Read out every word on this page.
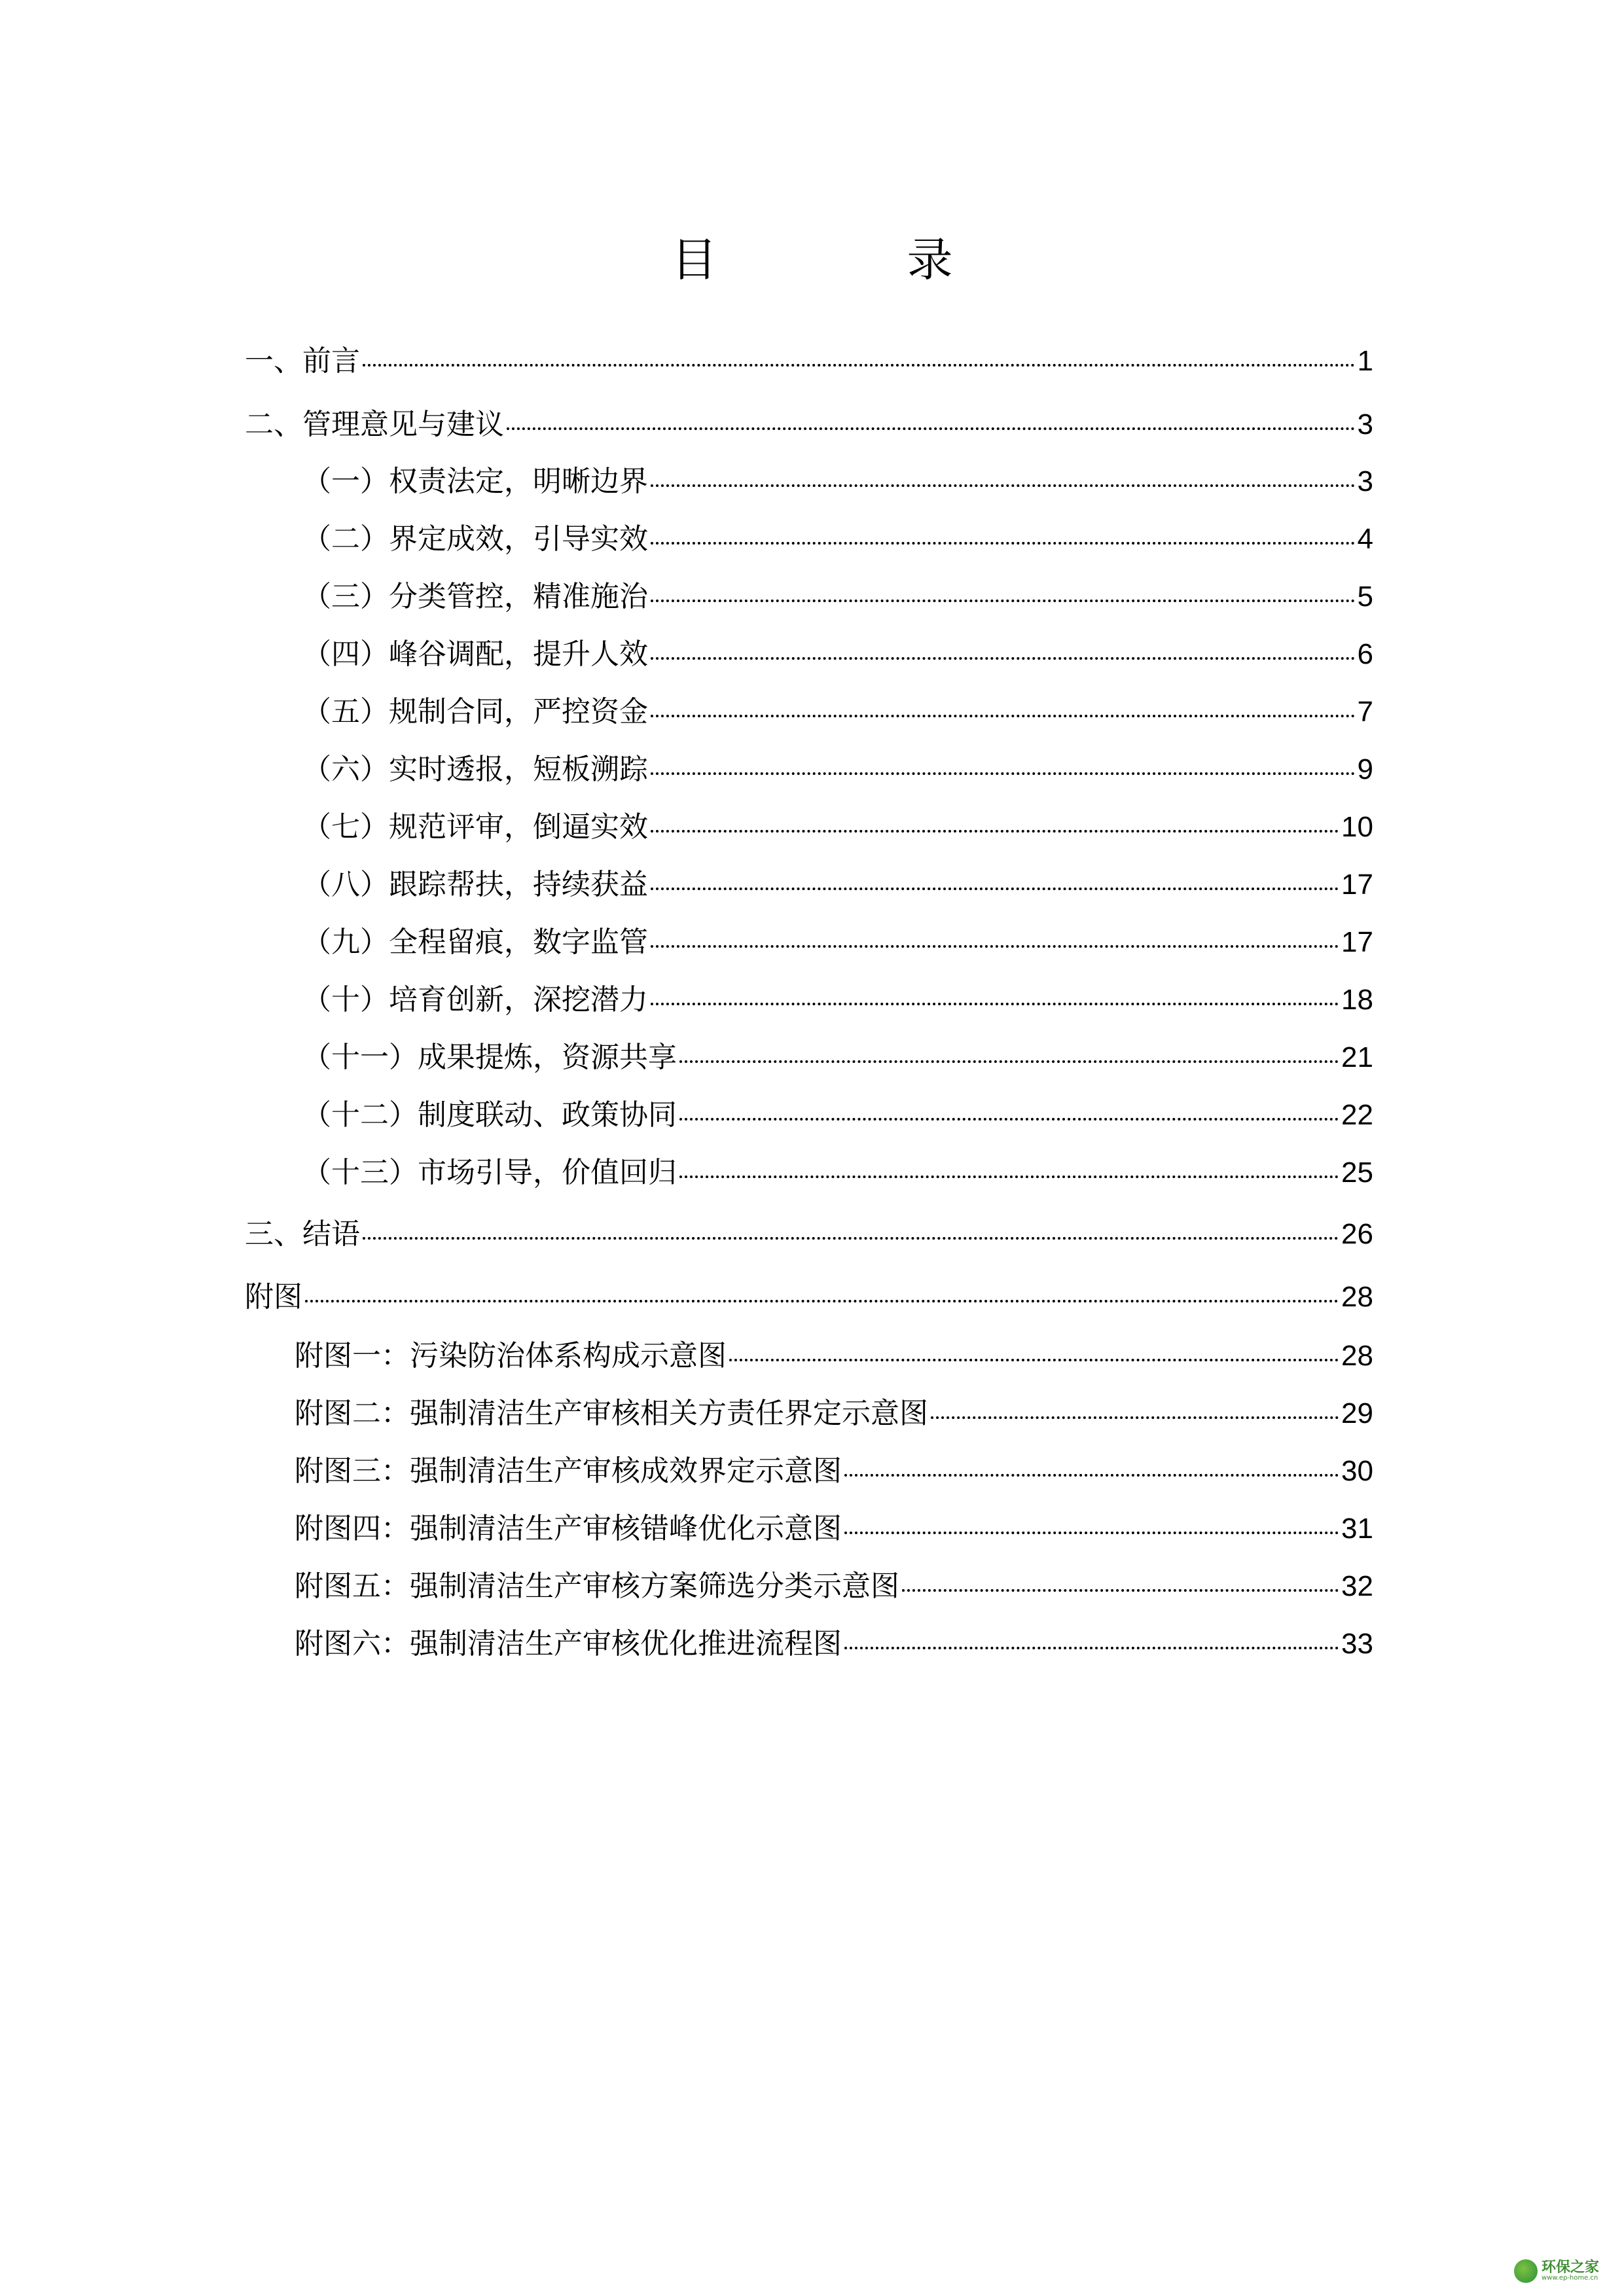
目　录
一、前言	1
二、管理意见与建议	3
（一）权责法定，明晰边界	3
（二）界定成效，引导实效	4
（三）分类管控，精准施治	5
（四）峰谷调配，提升人效	6
（五）规制合同，严控资金	7
（六）实时透报，短板溯踪	9
（七）规范评审，倒逼实效	10
（八）跟踪帮扶，持续获益	17
（九）全程留痕，数字监管	17
（十）培育创新，深挖潜力	18
（十一）成果提炼，资源共享	21
（十二）制度联动、政策协同	22
（十三）市场引导，价值回归	25
三、结语	26
附图	28
附图一：污染防治体系构成示意图	28
附图二：强制清洁生产审核相关方责任界定示意图	29
附图三：强制清洁生产审核成效界定示意图	30
附图四：强制清洁生产审核错峰优化示意图	31
附图五：强制清洁生产审核方案筛选分类示意图	32
附图六：强制清洁生产审核优化推进流程图	33
环保之家
www.ep-home.cn
